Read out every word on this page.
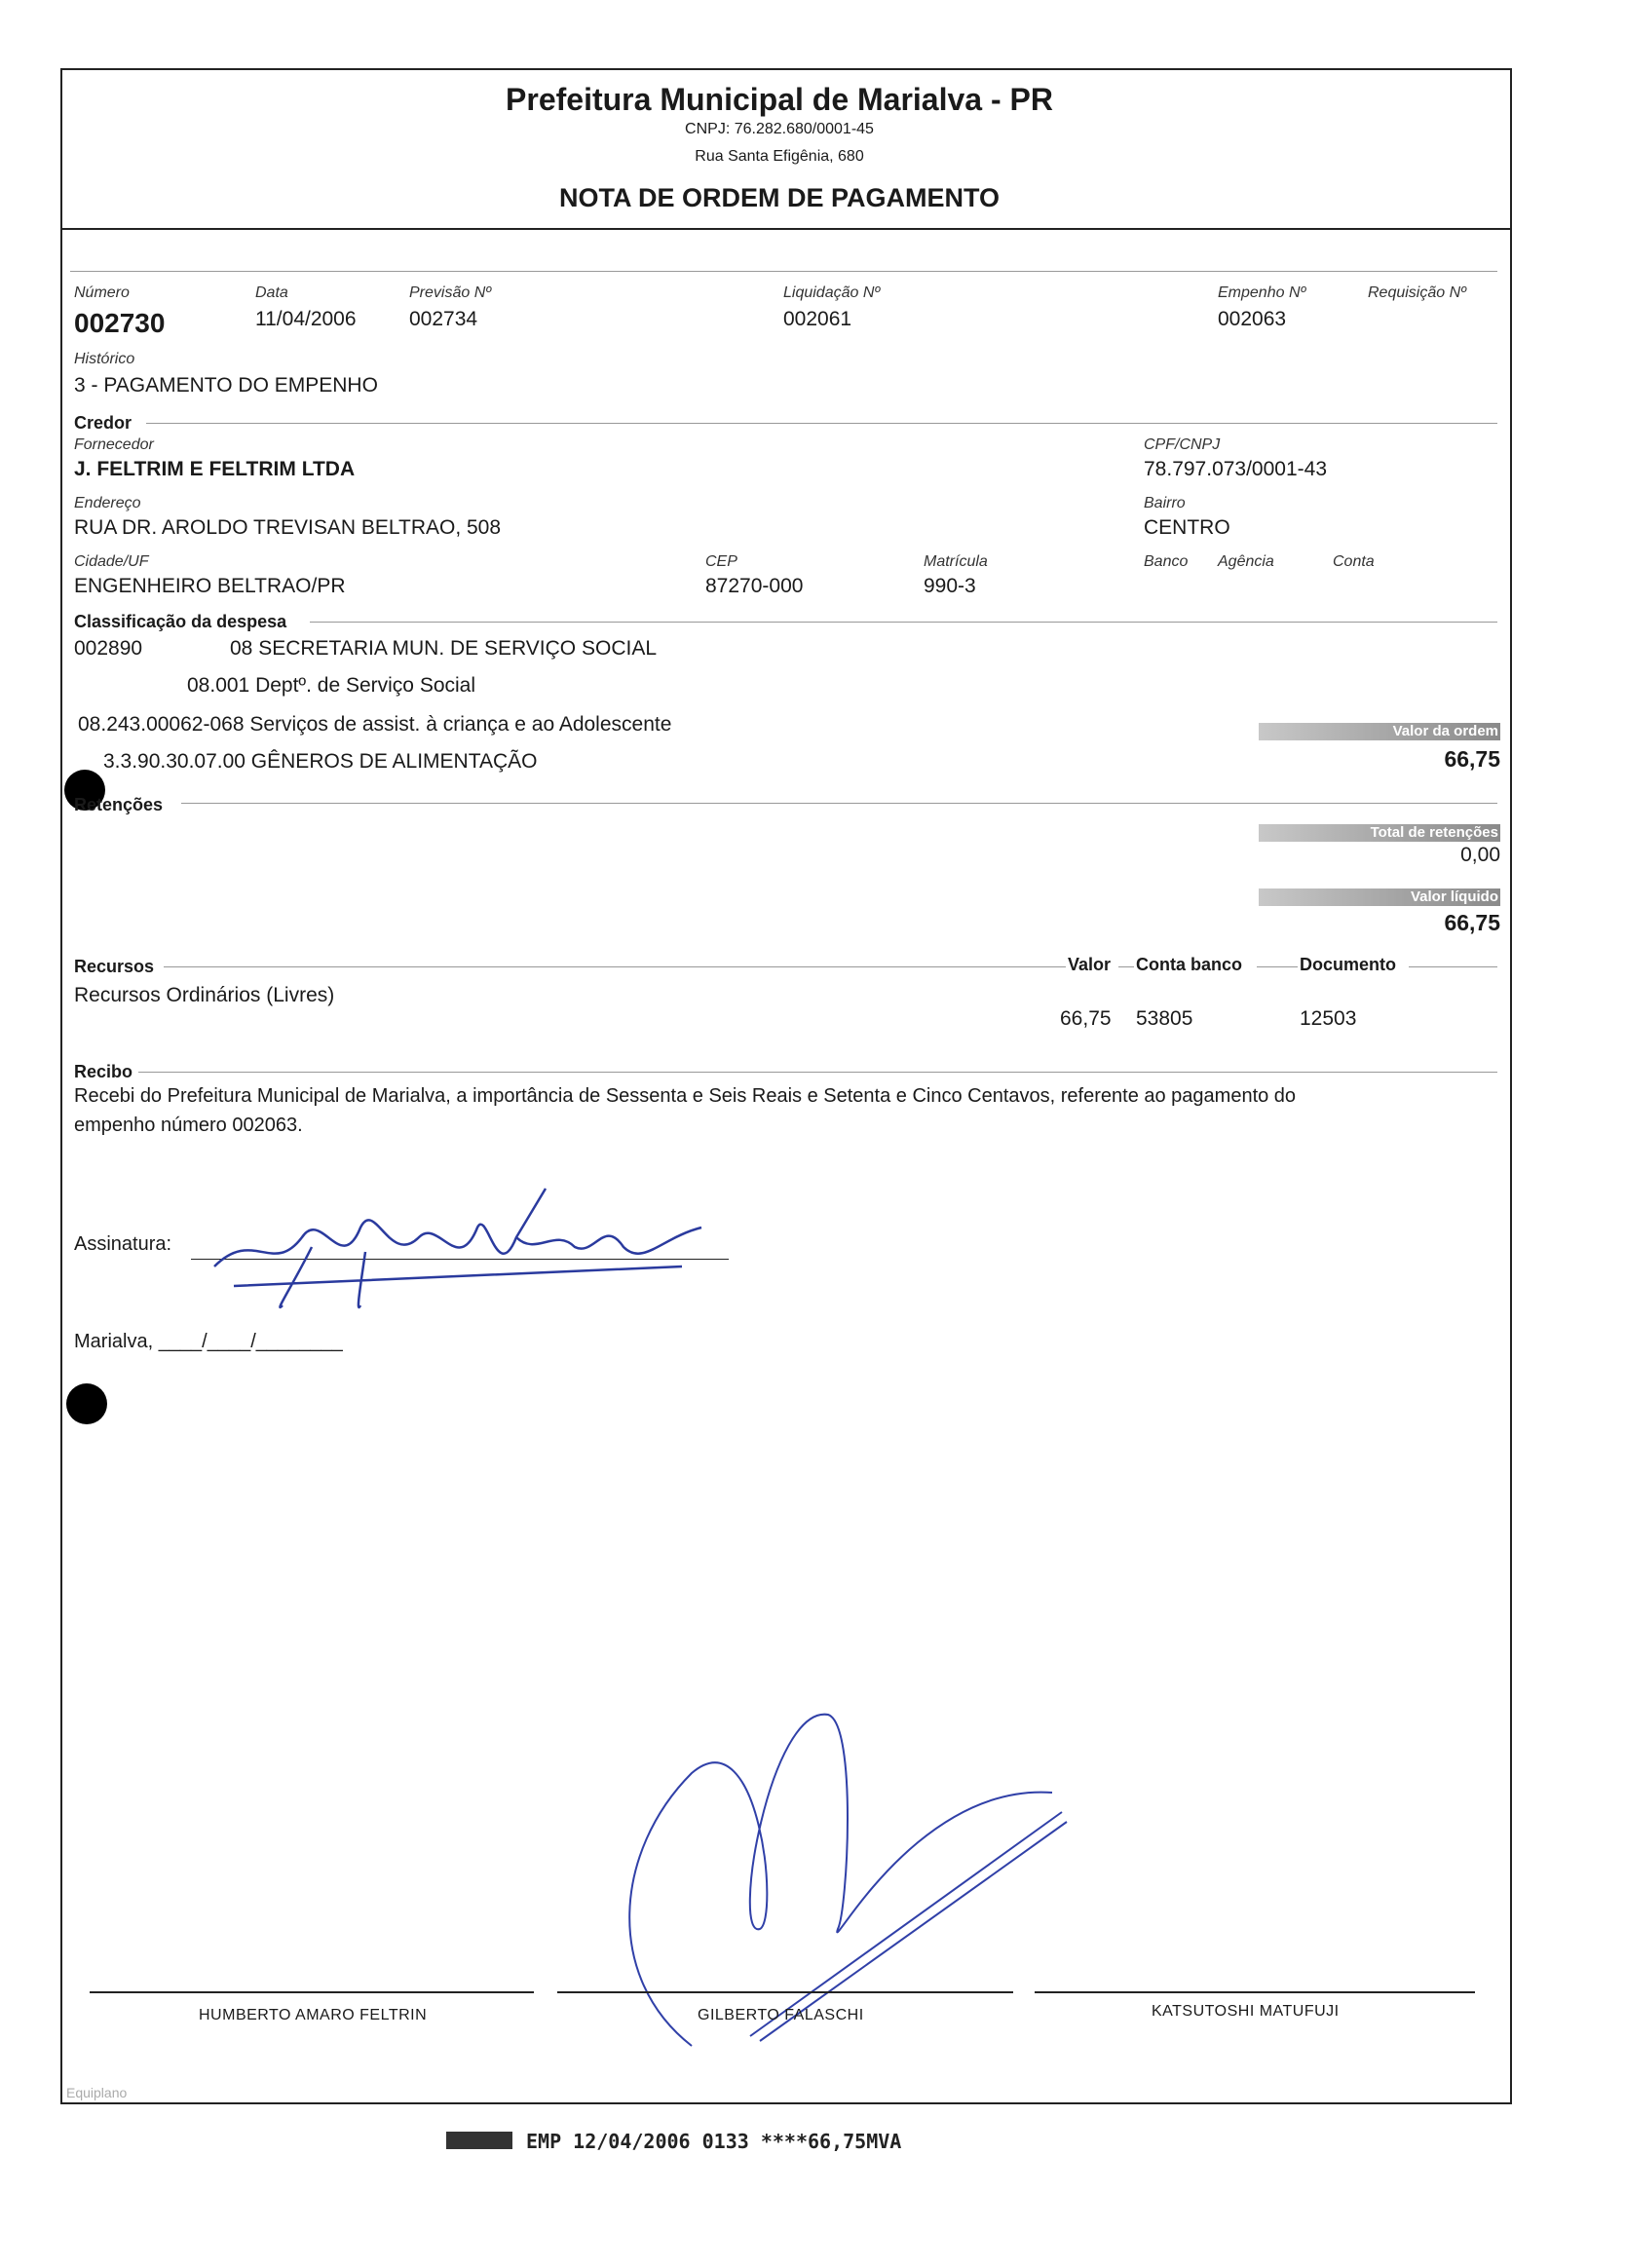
Prefeitura Municipal de Marialva - PR
CNPJ: 76.282.680/0001-45
Rua Santa Efigênia, 680
NOTA DE ORDEM DE PAGAMENTO
Número
002730
Data
11/04/2006
Previsão Nº
002734
Liquidação Nº
002061
Empenho Nº
002063
Requisição Nº
Histórico
3 - PAGAMENTO DO EMPENHO
Credor
Fornecedor
J. FELTRIM E FELTRIM LTDA
CPF/CNPJ
78.797.073/0001-43
Endereço
RUA DR. AROLDO TREVISAN BELTRAO, 508
Bairro
CENTRO
Cidade/UF
ENGENHEIRO BELTRAO/PR
CEP
87270-000
Matrícula
990-3
Banco Agência	Conta
Classificação da despesa
002890	08 SECRETARIA MUN. DE SERVIÇO SOCIAL
08.001 Deptº. de Serviço Social
08.243.00062-068 Serviços de assist. à criança e ao Adolescente
3.3.90.30.07.00 GÊNEROS DE ALIMENTAÇÃO
Valor da ordem
66,75
Retenções
Total de retenções
0,00
Valor líquido
66,75
Recursos	Valor Conta banco	Documento
Recursos Ordinários (Livres)
66,75 53805	12503
Recibo
Recebi do Prefeitura Municipal de Marialva, a importância de Sessenta e Seis Reais e Setenta e Cinco Centavos, referente ao pagamento do
empenho número 002063.
Assinatura:
Marialva, ____/____/________
HUMBERTO AMARO FELTRIN	GILBERTO FALASCHI	KATSUTOSHI MATUFUJI
Equiplano
EMP 12/04/2006 0133 ****66,75MVA
